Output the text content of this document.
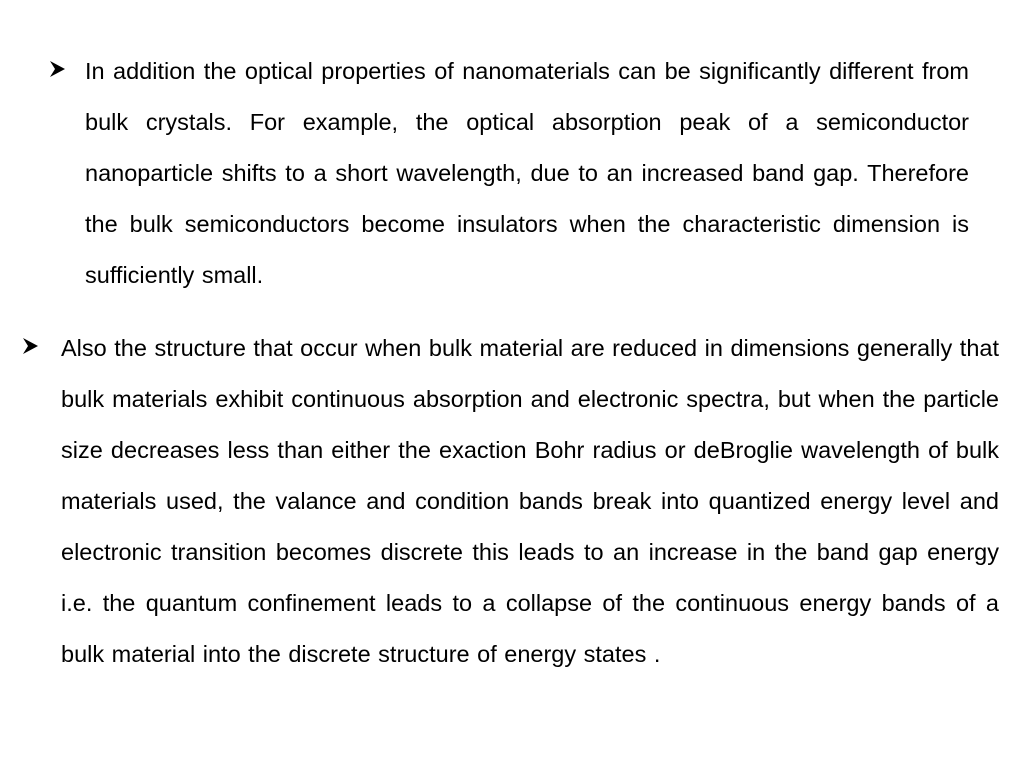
In addition the optical properties of nanomaterials can be significantly different from bulk crystals. For example, the optical absorption peak of a semiconductor nanoparticle shifts to a short wavelength, due to an increased band gap. Therefore the bulk semiconductors become insulators when the characteristic dimension is sufficiently small.

Also the structure that occur when bulk material are reduced in dimensions generally that bulk materials exhibit continuous absorption and electronic spectra, but when the particle size decreases less than either the exaction Bohr radius or deBroglie wavelength of bulk materials used, the valance and condition bands break into quantized energy level and electronic transition becomes discrete this leads to an increase in the band gap energy i.e. the quantum confinement leads to a collapse of the continuous energy bands of a bulk material into the discrete structure of energy states .
